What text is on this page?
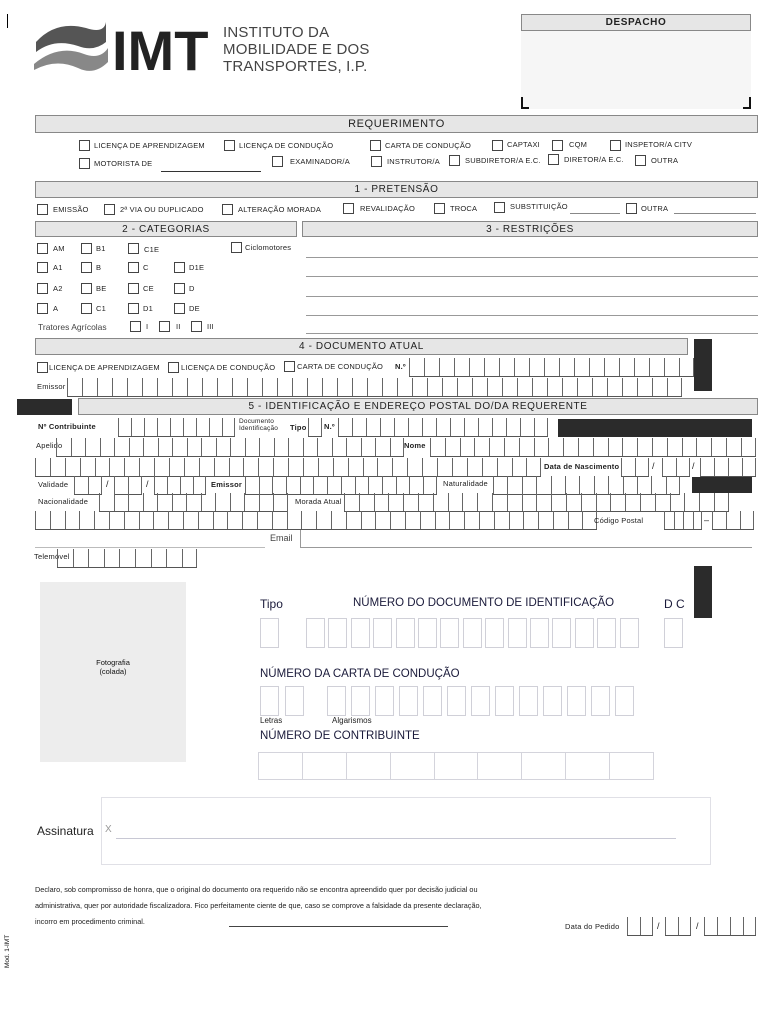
IMT INSTITUTO DA
MOBILIDADE E DOS
TRANSPORTES, I.P.
DESPACHO
REQUERIMENTO
LICENÇA DE APRENDIZAGEM	LICENÇA DE CONDUÇÃO	CARTA DE CONDUÇÃO	CAPTAXI	CQM	INSPETOR/A CITV
MOTORISTA DE	EXAMINADOR/A	INSTRUTOR/A	SUBDIRETOR/A E.C.	DIRETOR/A E.C.	OUTRA
1 - PRETENSÃO
EMISSÃO	2ª VIA OU DUPLICADO	ALTERAÇÃO MORADA	REVALIDAÇÃO	TROCA	SUBSTITUIÇÃO	OUTRA
2 - CATEGORIAS	3 - RESTRIÇÕES
AM	B1	C1E	Ciclomotores
A1	B	C	D1E
A2	BE	CE	D
A	C1	D1	DE
Tratores Agrícolas	I	II	III
4 - DOCUMENTO ATUAL
LICENÇA DE APRENDIZAGEM	LICENÇA DE CONDUÇÃO	CARTA DE CONDUÇÃO N.º
Emissor
5 - IDENTIFICAÇÃO E ENDEREÇO POSTAL DO/DA REQUERENTE
Nº Contribuinte
Documento Identificação	Tipo N.º
Apelido	Nome
Data de Nascimento	/	/
Validade	/	/	Emissor	Naturalidade
Nacionalidade	Morada Atual
Código Postal	–
Email
Telemóvel
Fotografia
(colada)
Tipo	NÚMERO DO DOCUMENTO DE IDENTIFICAÇÃO	D C
NÚMERO DA CARTA DE CONDUÇÃO
Letras	Algarismos
NÚMERO DE CONTRIBUINTE
X
Assinatura
Declaro, sob compromisso de honra, que o original do documento ora requerido não se encontra apreendido quer por decisão judicial ou
administrativa, quer por autoridade fiscalizadora. Fico perfeitamente ciente de que, caso se comprove a falsidade da presente declaração,
incorro em procedimento criminal.
Data do Pedido	/	/
Mod. 1-IMT
